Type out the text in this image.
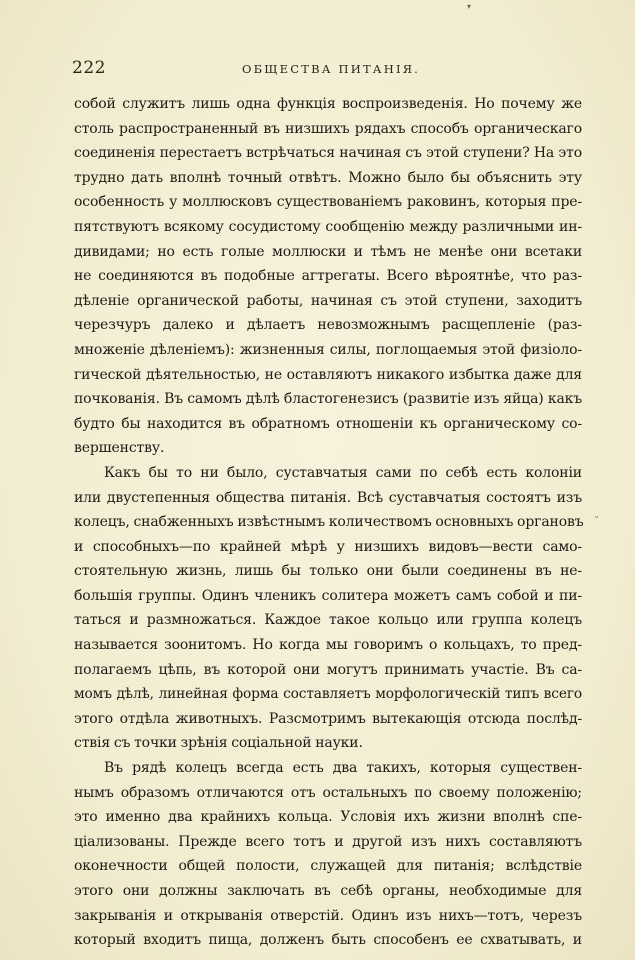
▾
222	ОБЩЕСТВА ПИТАНІЯ.
собой служитъ лишь одна функція воспроизведенія. Но почему же
столь распространенный въ низшихъ рядахъ способъ органическаго
соединенія перестаетъ встрѣчаться начиная съ этой ступени? На это
трудно дать вполнѣ точный отвѣтъ. Можно было бы объяснить эту
особенность у моллюсковъ существованіемъ раковинъ, которыя пре-
пятствуютъ всякому сосудистому сообщенію между различными ин-
дивидами; но есть голые моллюски и тѣмъ не менѣе они всетаки
не соединяются въ подобные агтрегаты. Всего вѣроятнѣе, что раз-
дѣленіе органической работы, начиная съ этой ступени, заходитъ
черезчуръ далеко и дѣлаетъ невозможнымъ расщепленіе (раз-
множеніе дѣленіемъ): жизненныя силы, поглощаемыя этой физіоло-
гической дѣятельностью, не оставляютъ никакого избытка даже для
почкованія. Въ самомъ дѣлѣ бластогенезисъ (развитіе изъ яйца) какъ
будто бы находится въ обратномъ отношеніи къ органическому со-
вершенству.
Какъ бы то ни было, суставчатыя сами по себѣ есть колоніи
или двустепенныя общества питанія. Всѣ суставчатыя состоятъ изъ
колецъ, снабженныхъ извѣстнымъ количествомъ основныхъ органовъ
и способныхъ—по крайней мѣрѣ у низшихъ видовъ—вести само-
стоятельную жизнь, лишь бы только они были соединены въ не-
большія группы. Одинъ членикъ солитера можетъ самъ собой и пи-
таться и размножаться. Каждое такое кольцо или группа колецъ
называется зоонитомъ. Но когда мы говоримъ о кольцахъ, то пред-
полагаемъ цѣпь, въ которой они могутъ принимать участіе. Въ са-
момъ дѣлѣ, линейная форма составляетъ морфологическій типъ всего
этого отдѣла животныхъ. Разсмотримъ вытекающія отсюда послѣд-
ствія съ точки зрѣнія соціальной науки.
Въ рядѣ колецъ всегда есть два такихъ, которыя существен-
нымъ образомъ отличаются отъ остальныхъ по своему положенію;
это именно два крайнихъ кольца. Условія ихъ жизни вполнѣ спе-
ціализованы. Прежде всего тотъ и другой изъ нихъ составляютъ
оконечности общей полости, служащей для питанія; вслѣдствіе
этого они должны заключать въ себѣ органы, необходимые для
закрыванія и открыванія отверстій. Одинъ изъ нихъ—тотъ, черезъ
который входитъ пища, долженъ быть способенъ ее схватывать, и
˘
